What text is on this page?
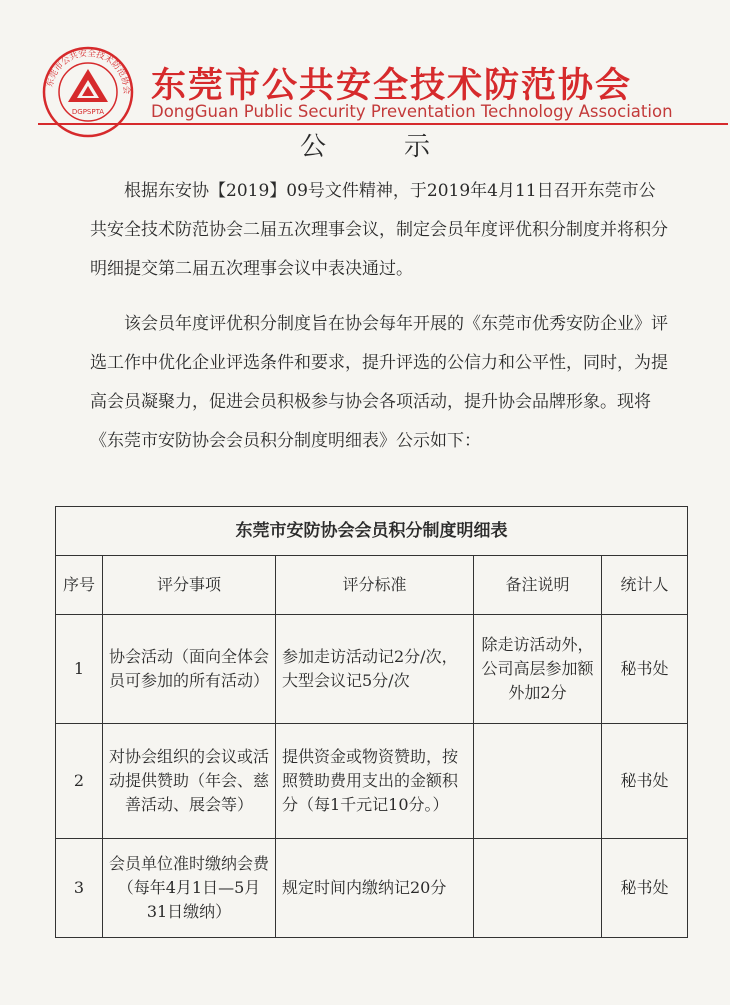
东莞市公共安全技术防范协会
DGPSPTA
东莞市公共安全技术防范协会
DongGuan Public Security Preventation Technology Association
公　示

根据东安协【2019】09号文件精神，于2019年4月11日召开东莞市公共安全技术防范协会二届五次理事会议，制定会员年度评优积分制度并将积分明细提交第二届五次理事会议中表决通过。

该会员年度评优积分制度旨在协会每年开展的《东莞市优秀安防企业》评选工作中优化企业评选条件和要求，提升评选的公信力和公平性，同时，为提高会员凝聚力，促进会员积极参与协会各项活动，提升协会品牌形象。现将《东莞市安防协会会员积分制度明细表》公示如下：

东莞市安防协会会员积分制度明细表				
序号	评分事项	评分标准	备注说明	统计人
1	协会活动（面向全体会员可参加的所有活动）	参加走访活动记2分/次，大型会议记5分/次	除走访活动外，公司高层参加额外加2分	秘书处
2	对协会组织的会议或活动提供赞助（年会、慈善活动、展会等）	提供资金或物资赞助，按照赞助费用支出的金额积分（每1千元记10分。）		秘书处
3	会员单位准时缴纳会费（每年4月1日—5月31日缴纳）	规定时间内缴纳记20分		秘书处
